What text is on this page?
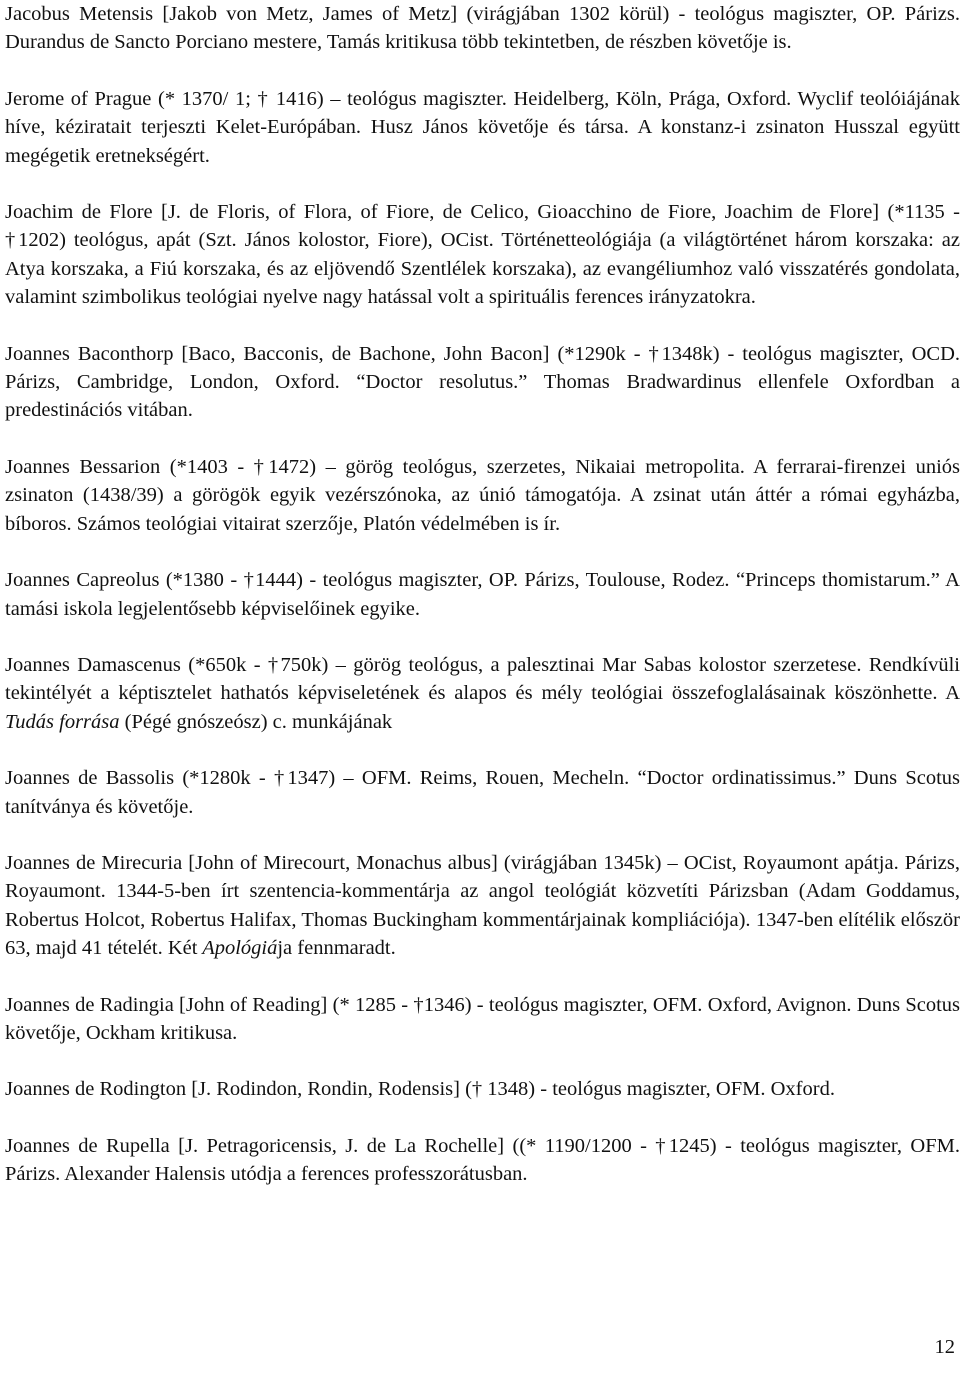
Jacobus Metensis [Jakob von Metz, James of Metz] (virágjában 1302 körül) - teológus magiszter, OP. Párizs. Durandus de Sancto Porciano mestere, Tamás kritikusa több tekintetben, de részben követője is.

Jerome of Prague (* 1370/ 1; † 1416) – teológus magiszter. Heidelberg, Köln, Prága, Oxford. Wyclif teolóiájának híve, kéziratait terjeszti Kelet-Európában. Husz János követője és társa. A konstanz-i zsinaton Husszal együtt megégetik eretnekségért.

Joachim de Flore [J. de Floris, of Flora, of Fiore, de Celico, Gioacchino de Fiore, Joachim de Flore] (*1135 - †1202) teológus, apát (Szt. János kolostor, Fiore), OCist. Történetteológiája (a világtörténet három korszaka: az Atya korszaka, a Fiú korszaka, és az eljövendő Szentlélek korszaka), az evangéliumhoz való visszatérés gondolata, valamint szimbolikus teológiai nyelve nagy hatással volt a spirituális ferences irányzatokra.

Joannes Baconthorp [Baco, Bacconis, de Bachone, John Bacon] (*1290k - †1348k) - teológus magiszter, OCD. Párizs, Cambridge, London, Oxford. “Doctor resolutus.” Thomas Bradwardinus ellenfele Oxfordban a predestinációs vitában.

Joannes Bessarion (*1403 - †1472) – görög teológus, szerzetes, Nikaiai metropolita. A ferrarai-firenzei uniós zsinaton (1438/39) a görögök egyik vezérszónoka, az únió támogatója. A zsinat után áttér a római egyházba, bíboros. Számos teológiai vitairat szerzője, Platón védelmében is ír.

Joannes Capreolus (*1380 - †1444) - teológus magiszter, OP. Párizs, Toulouse, Rodez. “Princeps thomistarum.” A tamási iskola legjelentősebb képviselőinek egyike.

Joannes Damascenus (*650k - †750k) – görög teológus, a palesztinai Mar Sabas kolostor szerzetese. Rendkívüli tekintélyét a képtisztelet hathatós képviseletének és alapos és mély teológiai összefoglalásainak köszönhette. ATudás forrása (Pégé gnószeósz) c. munkájának

Joannes de Bassolis (*1280k - †1347) – OFM. Reims, Rouen, Mecheln. “Doctor ordinatissimus.” Duns Scotus tanítványa és követője.

Joannes de Mirecuria [John of Mirecourt, Monachus albus] (virágjában 1345k) – OCist, Royaumont apátja. Párizs, Royaumont. 1344-5-ben írt szentencia-kommentárja az angol teológiát közvetíti Párizsban (Adam Goddamus, Robertus Holcot, Robertus Halifax, Thomas Buckingham kommentárjainak kompliációja). 1347-ben elítélik először 63, majd 41 tételét. Két Apológiája fennmaradt.

Joannes de Radingia [John of Reading] (* 1285 - †1346) - teológus magiszter, OFM. Oxford, Avignon. Duns Scotus követője, Ockham kritikusa.

Joannes de Rodington [J. Rodindon, Rondin, Rodensis] († 1348) - teológus magiszter, OFM. Oxford.

Joannes de Rupella [J. Petragoricensis, J. de La Rochelle] ((* 1190/1200 - †1245) - teológus magiszter, OFM. Párizs. Alexander Halensis utódja a ferences professzorátusban.

12
